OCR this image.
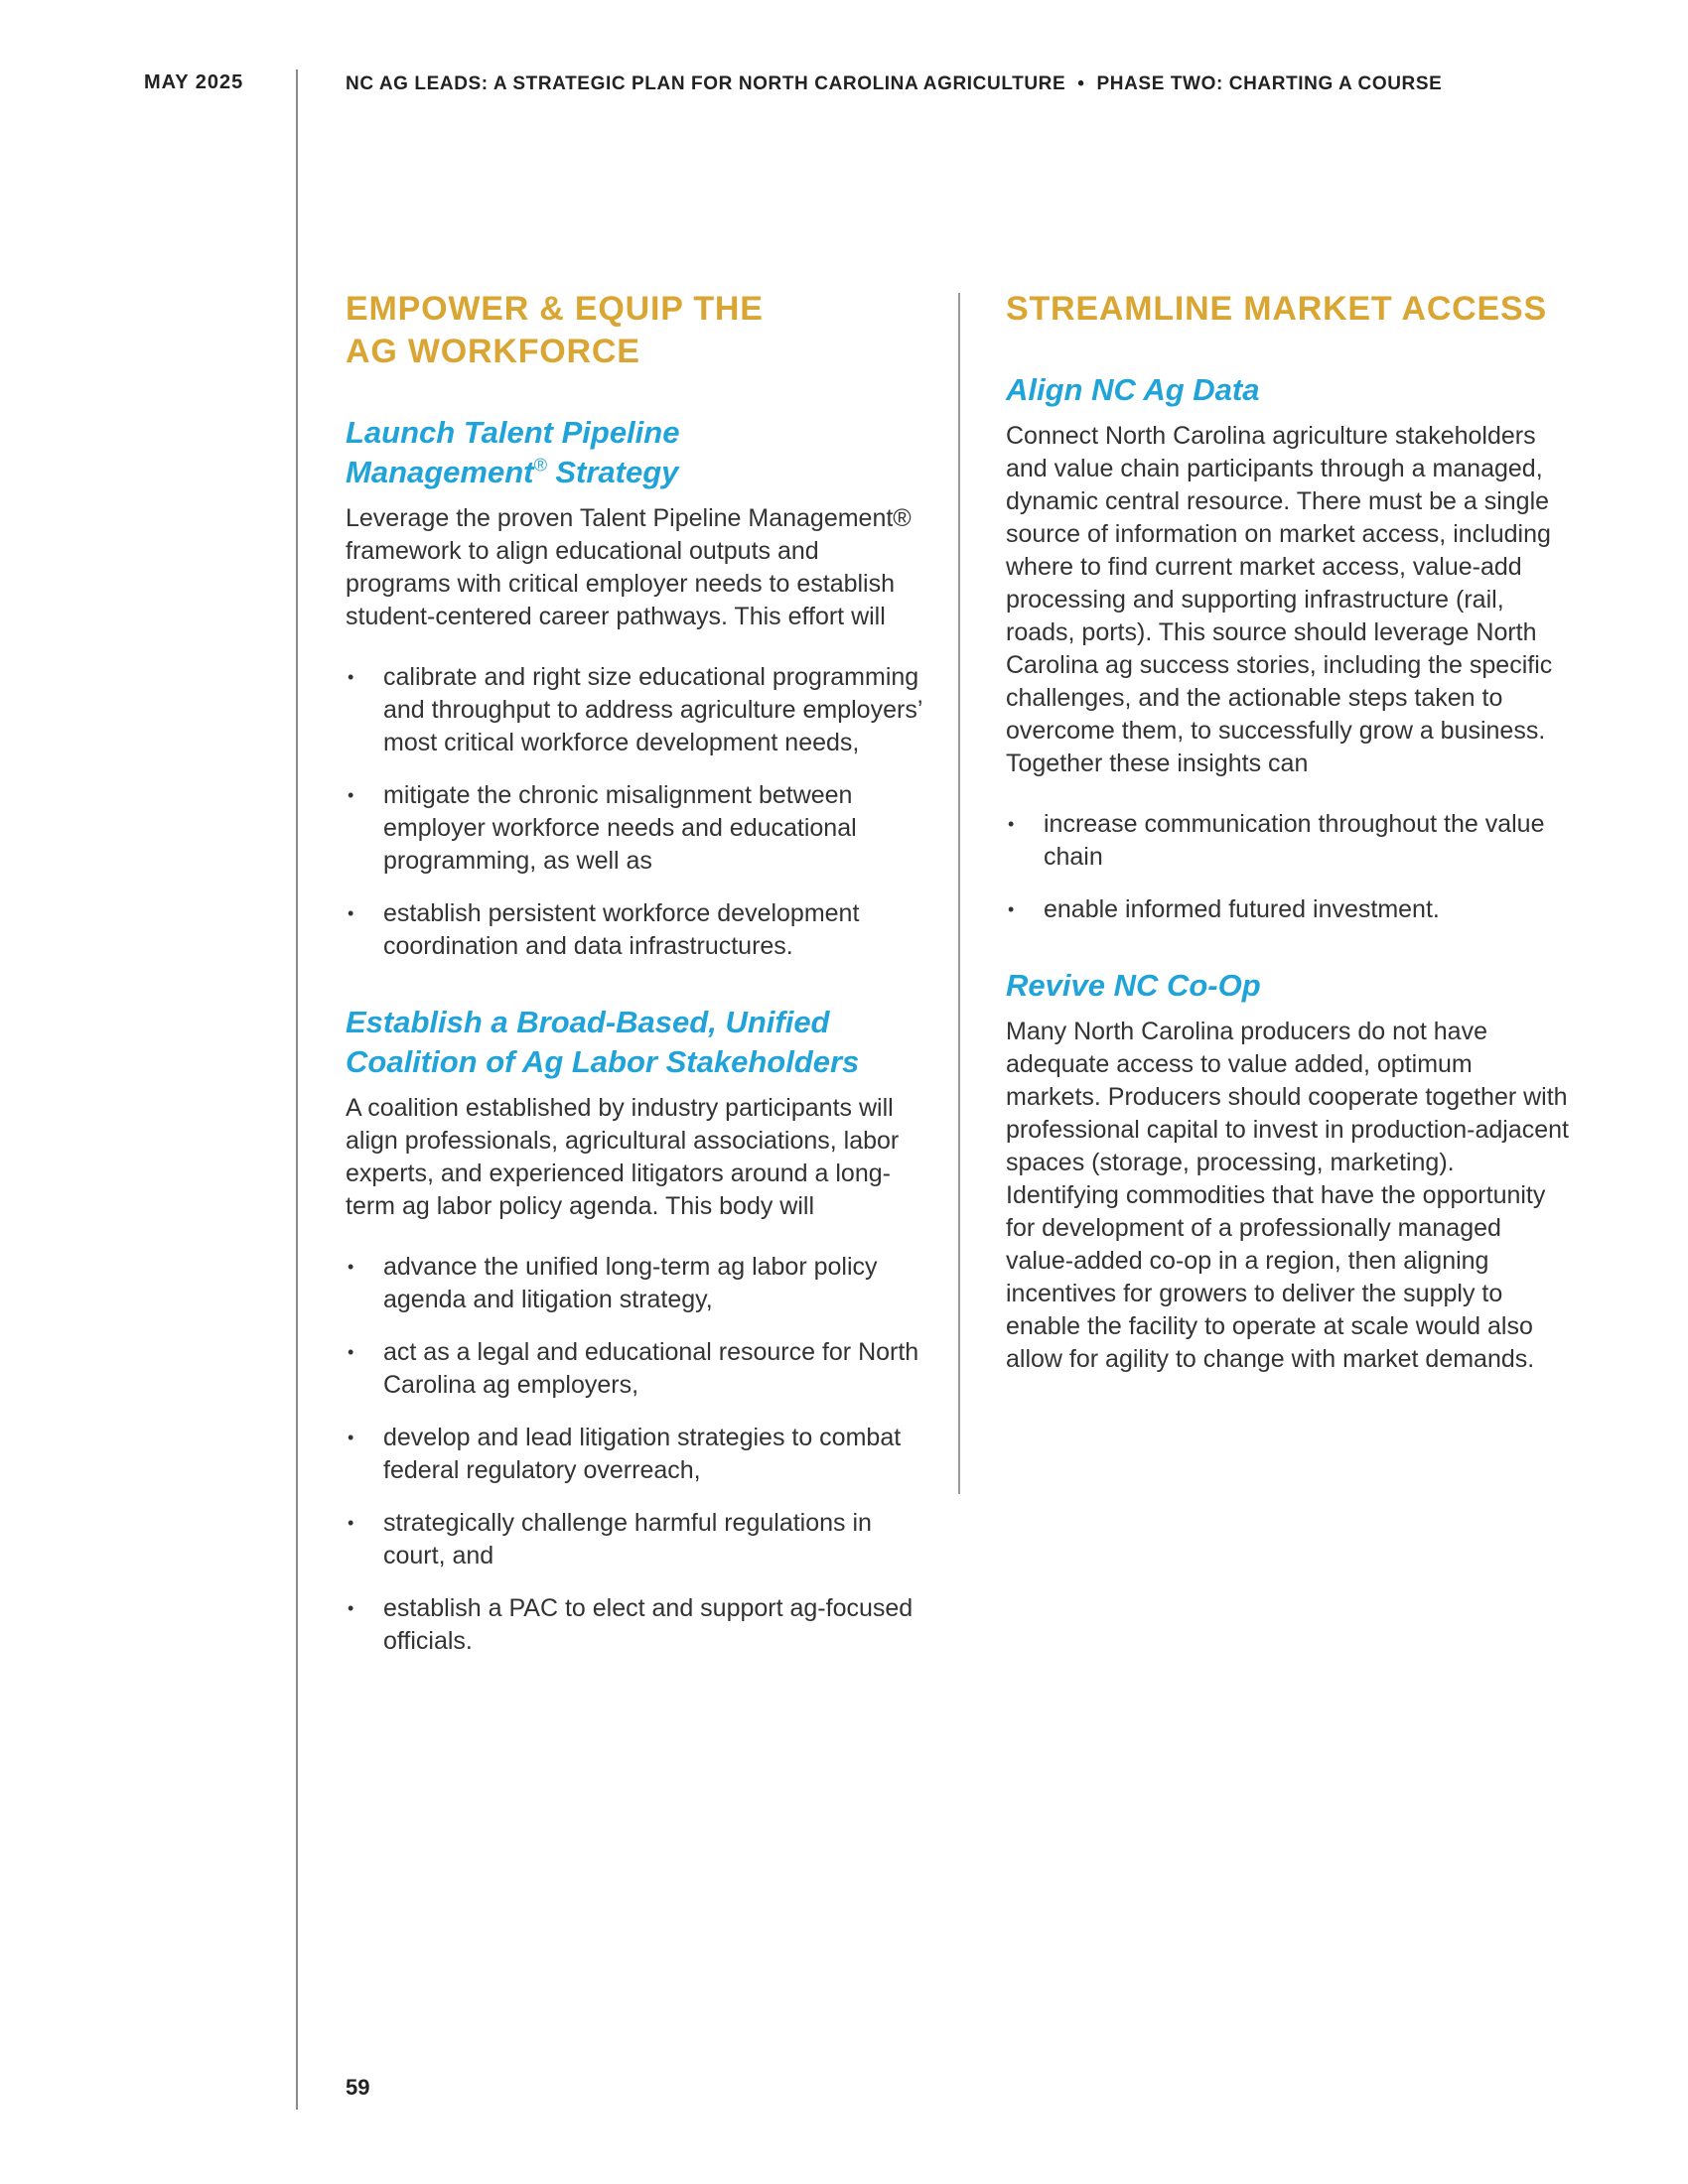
MAY 2025	NC AG LEADS: A STRATEGIC PLAN FOR NORTH CAROLINA AGRICULTURE • PHASE TWO: CHARTING A COURSE
EMPOWER & EQUIP THE
AG WORKFORCE
Launch Talent Pipeline
Management® Strategy

Leverage the proven Talent Pipeline Management® framework to align educational outputs and programs with critical employer needs to establish student-centered career pathways. This effort will

• calibrate and right size educational programming and throughput to address agriculture employers’ most critical workforce development needs,
• mitigate the chronic misalignment between employer workforce needs and educational programming, as well as
• establish persistent workforce development coordination and data infrastructures.
Establish a Broad-Based, Unified
Coalition of Ag Labor Stakeholders

A coalition established by industry participants will align professionals, agricultural associations, labor experts, and experienced litigators around a long-term ag labor policy agenda. This body will

• advance the unified long-term ag labor policy agenda and litigation strategy,
• act as a legal and educational resource for North Carolina ag employers,
• develop and lead litigation strategies to combat federal regulatory overreach,
• strategically challenge harmful regulations in court, and
• establish a PAC to elect and support ag-focused officials.
STREAMLINE MARKET ACCESS
Align NC Ag Data

Connect North Carolina agriculture stakeholders and value chain participants through a managed, dynamic central resource. There must be a single source of information on market access, including where to find current market access, value-add processing and supporting infrastructure (rail, roads, ports). This source should leverage North Carolina ag success stories, including the specific challenges, and the actionable steps taken to overcome them, to successfully grow a business. Together these insights can

• increase communication throughout the value chain
• enable informed futured investment.
Revive NC Co-Op

Many North Carolina producers do not have adequate access to value added, optimum markets. Producers should cooperate together with professional capital to invest in production-adjacent spaces (storage, processing, marketing). Identifying commodities that have the opportunity for development of a professionally managed value-added co-op in a region, then aligning incentives for growers to deliver the supply to enable the facility to operate at scale would also allow for agility to change with market demands.

59
